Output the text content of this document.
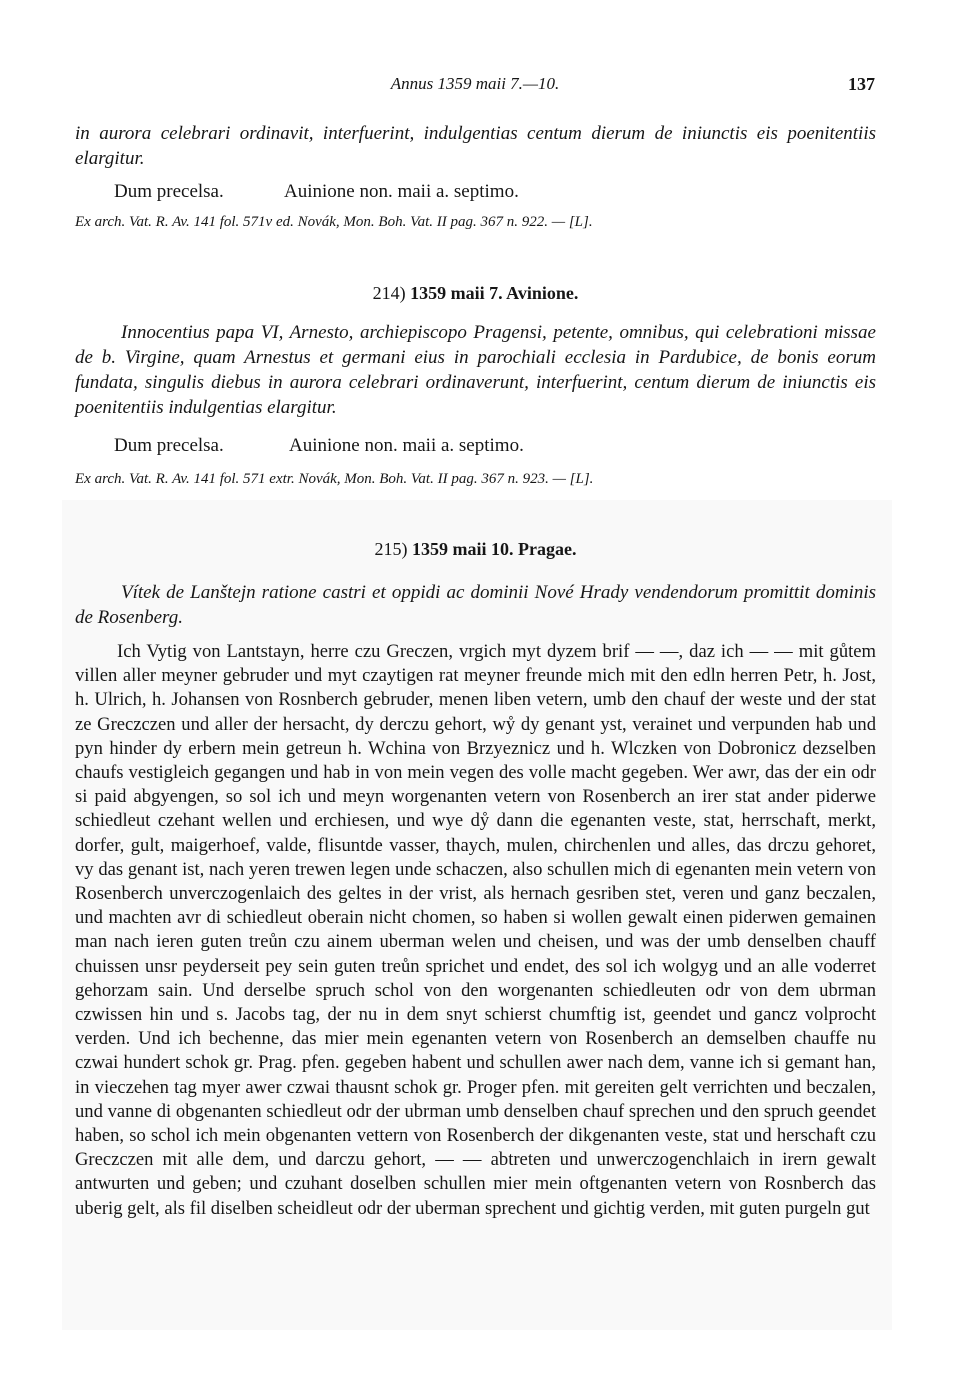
Annus 1359 maii 7.—10.	137
in aurora celebrari ordinavit, interfuerint, indulgentias centum dierum de iniunctis eis poenitentiis elargitur.
Dum precelsa.	Auinione non. maii a. septimo.
Ex arch. Vat. R. Av. 141 fol. 571v ed. Novák, Mon. Boh. Vat. II pag. 367 n. 922. — [L].
214) 1359 maii 7. Avinione.
Innocentius papa VI, Arnesto, archiepiscopo Pragensi, petente, omnibus, qui celebrationi missae de b. Virgine, quam Arnestus et germani eius in parochiali ecclesia in Pardubice, de bonis eorum fundata, singulis diebus in aurora celebrari ordinaverunt, interfuerint, centum dierum de iniunctis eis poenitentiis indulgentias elargitur.
Dum precelsa.	Auinione non. maii a. septimo.
Ex arch. Vat. R. Av. 141 fol. 571 extr. Novák, Mon. Boh. Vat. II pag. 367 n. 923. — [L].
215) 1359 maii 10. Pragae.
Vítek de Lanštejn ratione castri et oppidi ac dominii Nové Hrady vendendorum promittit dominis de Rosenberg.
Ich Vytig von Lantstayn, herre czu Greczen, vrgich myt dyzem brif — —, daz ich — — mit gůtem villen aller meyner gebruder und myt czaytigen rat meyner freunde mich mit den edln herren Petr, h. Jost, h. Ulrich, h. Johansen von Rosnberch gebruder, menen liben vetern, umb den chauf der weste und der stat ze Greczczen und aller der hersacht, dy derczu gehort, wẙ dy genant yst, verainet und verpunden hab und pyn hinder dy erbern mein getreun h. Wchina von Brzyeznicz und h. Wlczken von Dobronicz dezselben chaufs vestigleich gegangen und hab in von mein vegen des volle macht gegeben. Wer awr, das der ein odr si paid abgyengen, so sol ich und meyn worgenanten vetern von Rosenberch an irer stat ander piderwe schiedleut czehant wellen und erchiesen, und wye dẙ dann die egenanten veste, stat, herrschaft, merkt, dorfer, gult, maigerhoef, valde, flisuntde vasser, thaych, mulen, chirchenlen und alles, das drczu gehoret, vy das genant ist, nach yeren trewen legen unde schaczen, also schullen mich di egenanten mein vetern von Rosenberch unverczogenlaich des geltes in der vrist, als hernach gesriben stet, veren und ganz beczalen, und machten avr di schiedleut oberain nicht chomen, so haben si wollen gewalt einen piderwen gemainen man nach ieren guten treůn czu ainem uberman welen und cheisen, und was der umb denselben chauff chuissen unsr peyderseit pey sein guten treůn sprichet und endet, des sol ich wolgyg und an alle voderret gehorzam sain. Und derselbe spruch schol von den worgenanten schiedleuten odr von dem ubrman czwissen hin und s. Jacobs tag, der nu in dem snyt schierst chumftig ist, geendet und gancz volprocht verden. Und ich bechenne, das mier mein egenanten vetern von Rosenberch an demselben chauffe nu czwai hundert schok gr. Prag. pfen. gegeben habent und schullen awer nach dem, vanne ich si gemant han, in vieczehen tag myer awer czwai thausnt schok gr. Proger pfen. mit gereiten gelt verrichten und beczalen, und vanne di obgenanten schiedleut odr der ubrman umb denselben chauf sprechen und den spruch geendet haben, so schol ich mein obgenanten vettern von Rosenberch der dikgenanten veste, stat und herschaft czu Greczczen mit alle dem, und darczu gehort, — — abtreten und unwerczogenchlaich in irern gewalt antwurten und geben; und czuhant doselben schullen mier mein oftgenanten vetern von Rosnberch das uberig gelt, als fil diselben scheidleut odr der uberman sprechent und gichtig verden, mit guten purgeln gut
